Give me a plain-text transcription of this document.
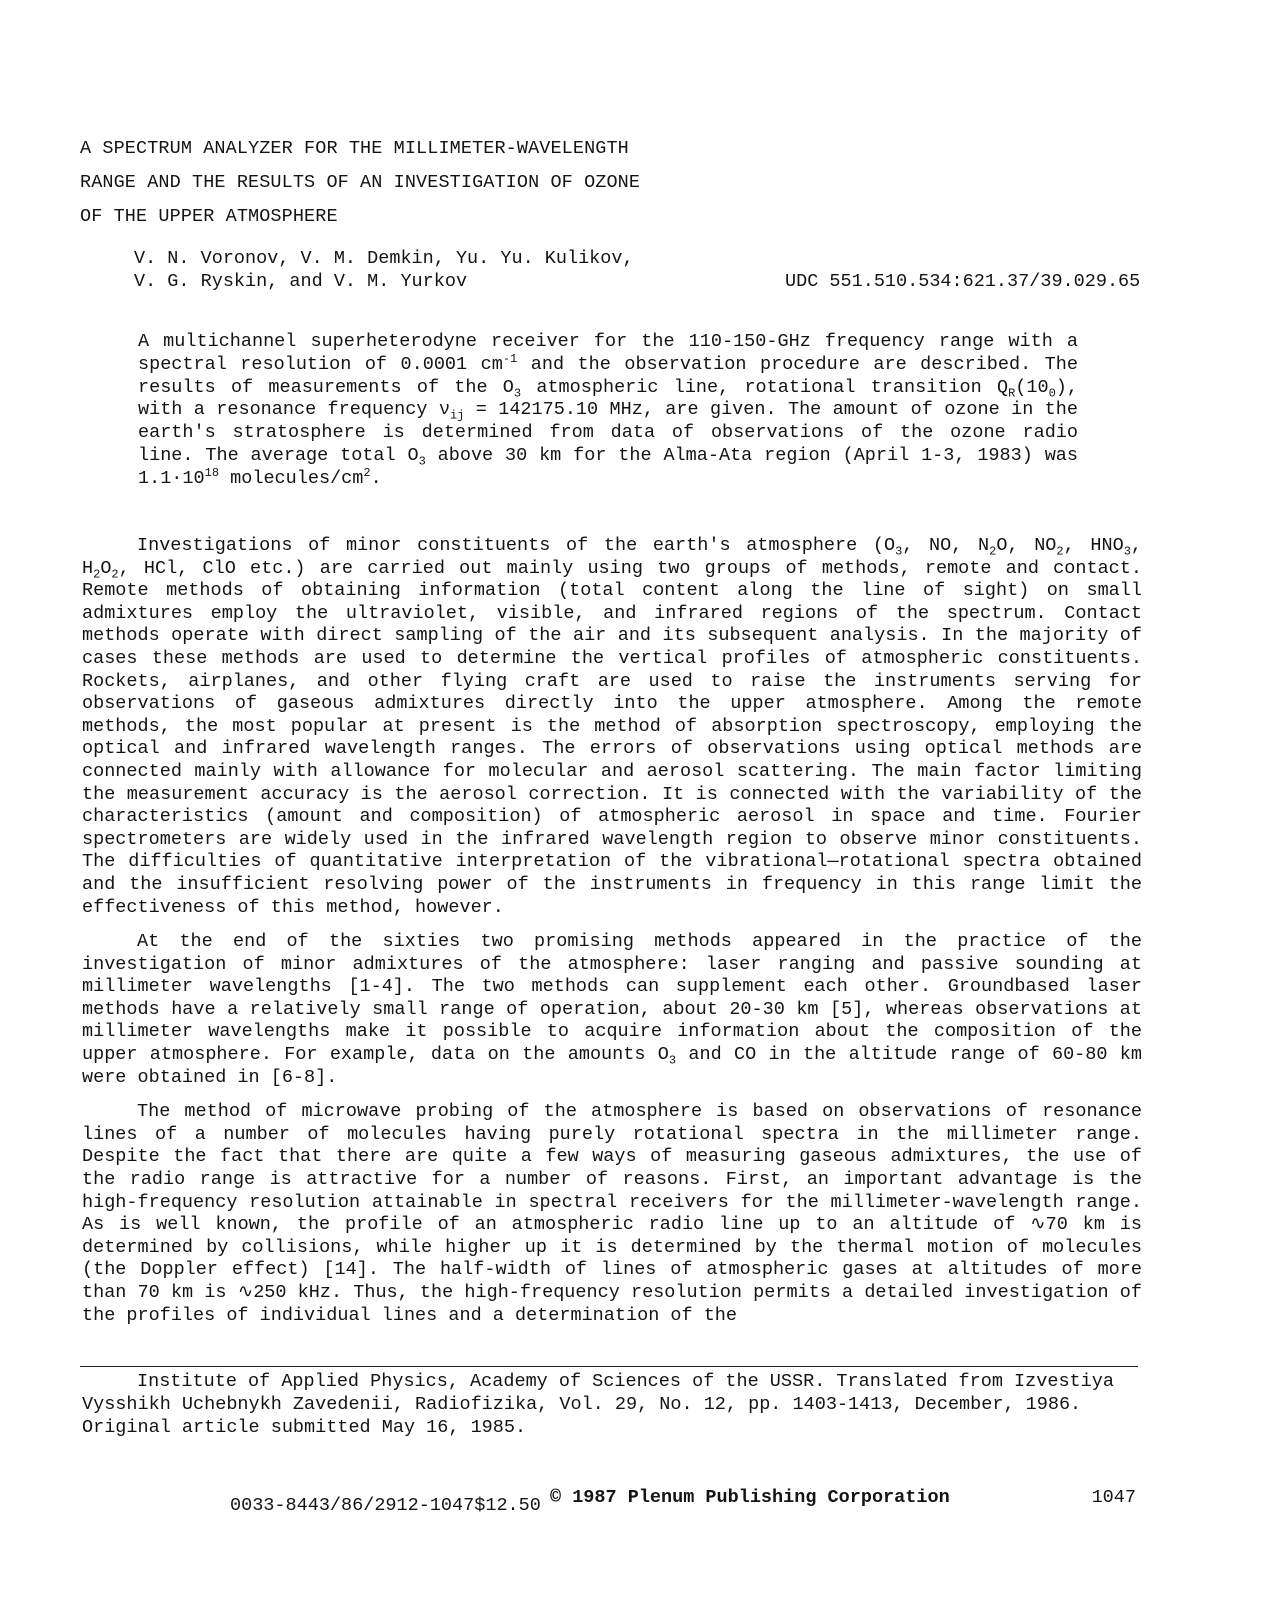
A SPECTRUM ANALYZER FOR THE MILLIMETER-WAVELENGTH
RANGE AND THE RESULTS OF AN INVESTIGATION OF OZONE
OF THE UPPER ATMOSPHERE
V. N. Voronov, V. M. Demkin, Yu. Yu. Kulikov,
V. G. Ryskin, and V. M. Yurkov	UDC 551.510.534:621.37/39.029.65
A multichannel superheterodyne receiver for the 110-150-GHz frequency range with a spectral resolution of 0.0001 $cm^{-1}$ and the observation procedure are described. The results of measurements of the $O_3$ atmospheric line, rotational transition $Q_R(10_0)$, with a resonance frequency $\nu_{ij} = 142175.10$ MHz, are given. The amount of ozone in the earth's stratosphere is determined from data of observations of the ozone radio line. The average total $O_3$ above 30 km for the Alma-Ata region (April 1-3, 1983) was $1.1\cdot 10^{18}$ molecules/$cm^2$.

Investigations of minor constituents of the earth's atmosphere ($O_3$, NO, $N_2O$, $NO_2$, $HNO_3$, $H_2O_2$, HCl, ClO etc.) are carried out mainly using two groups of methods, remote and contact. Remote methods of obtaining information (total content along the line of sight) on small admixtures employ the ultraviolet, visible, and infrared regions of the spectrum. Contact methods operate with direct sampling of the air and its subsequent analysis. In the majority of cases these methods are used to determine the vertical profiles of atmospheric constituents. Rockets, airplanes, and other flying craft are used to raise the instruments serving for observations of gaseous admixtures directly into the upper atmosphere. Among the remote methods, the most popular at present is the method of absorption spectroscopy, employing the optical and infrared wavelength ranges. The errors of observations using optical methods are connected mainly with allowance for molecular and aerosol scattering. The main factor limiting the measurement accuracy is the aerosol correction. It is connected with the variability of the characteristics (amount and composition) of atmospheric aerosol in space and time. Fourier spectrometers are widely used in the infrared wavelength region to observe minor constituents. The difficulties of quantitative interpretation of the vibrational—rotational spectra obtained and the insufficient resolving power of the instruments in frequency in this range limit the effectiveness of this method, however.

At the end of the sixties two promising methods appeared in the practice of the investigation of minor admixtures of the atmosphere: laser ranging and passive sounding at millimeter wavelengths [1-4]. The two methods can supplement each other. Groundbased laser methods have a relatively small range of operation, about 20-30 km [5], whereas observations at millimeter wavelengths make it possible to acquire information about the composition of the upper atmosphere. For example, data on the amounts $O_3$ and CO in the altitude range of 60-80 km were obtained in [6-8].

The method of microwave probing of the atmosphere is based on observations of resonance lines of a number of molecules having purely rotational spectra in the millimeter range. Despite the fact that there are quite a few ways of measuring gaseous admixtures, the use of the radio range is attractive for a number of reasons. First, an important advantage is the high-frequency resolution attainable in spectral receivers for the millimeter-wavelength range. As is well known, the profile of an atmospheric radio line up to an altitude of ∿70 km is determined by collisions, while higher up it is determined by the thermal motion of molecules (the Doppler effect) [14]. The half-width of lines of atmospheric gases at altitudes of more than 70 km is ∿250 kHz. Thus, the high-frequency resolution permits a detailed investigation of the profiles of individual lines and a determination of the

Institute of Applied Physics, Academy of Sciences of the USSR. Translated from Izvestiya Vysshikh Uchebnykh Zavedenii, Radiofizika, Vol. 29, No. 12, pp. 1403-1413, December, 1986. Original article submitted May 16, 1985.

0033-8443/86/2912-1047$12.50 © 1987 Plenum Publishing Corporation	1047
